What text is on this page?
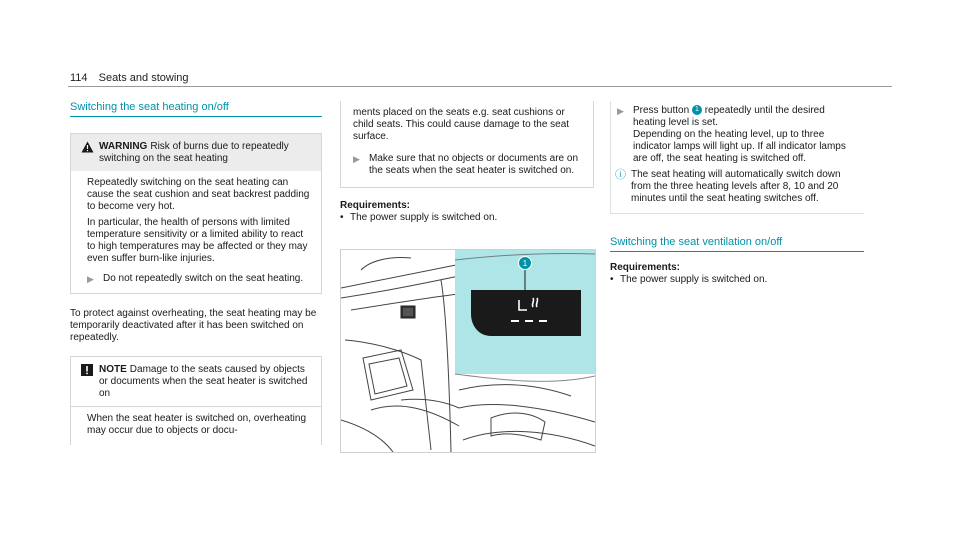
114 Seats and stowing
Switching the seat heating on/off
WARNING Risk of burns due to repeatedly switching on the seat heating

Repeatedly switching on the seat heating can cause the seat cushion and seat backrest padding to become very hot.

In particular, the health of persons with limited temperature sensitivity or a limited ability to react to high temperatures may be affected or they may even suffer burn-like injuries.

▶ Do not repeatedly switch on the seat heating.

To protect against overheating, the seat heating may be temporarily deactivated after it has been switched on repeatedly.

NOTE Damage to the seats caused by objects or documents when the seat heater is switched on
When the seat heater is switched on, overheating may occur due to objects or docu-

ments placed on the seats e.g. seat cushions or child seats. This could cause damage to the seat surface.

▶ Make sure that no objects or documents are on the seats when the seat heater is switched on.
Requirements:
• The power supply is switched on.
1
▶ Press button 1 repeatedly until the desired heating level is set.
Depending on the heating level, up to three indicator lamps will light up. If all indicator lamps are off, the seat heating is switched off.
ⓘ The seat heating will automatically switch down from the three heating levels after 8, 10 and 20 minutes until the seat heating switches off.
Switching the seat ventilation on/off
Requirements:
• The power supply is switched on.
